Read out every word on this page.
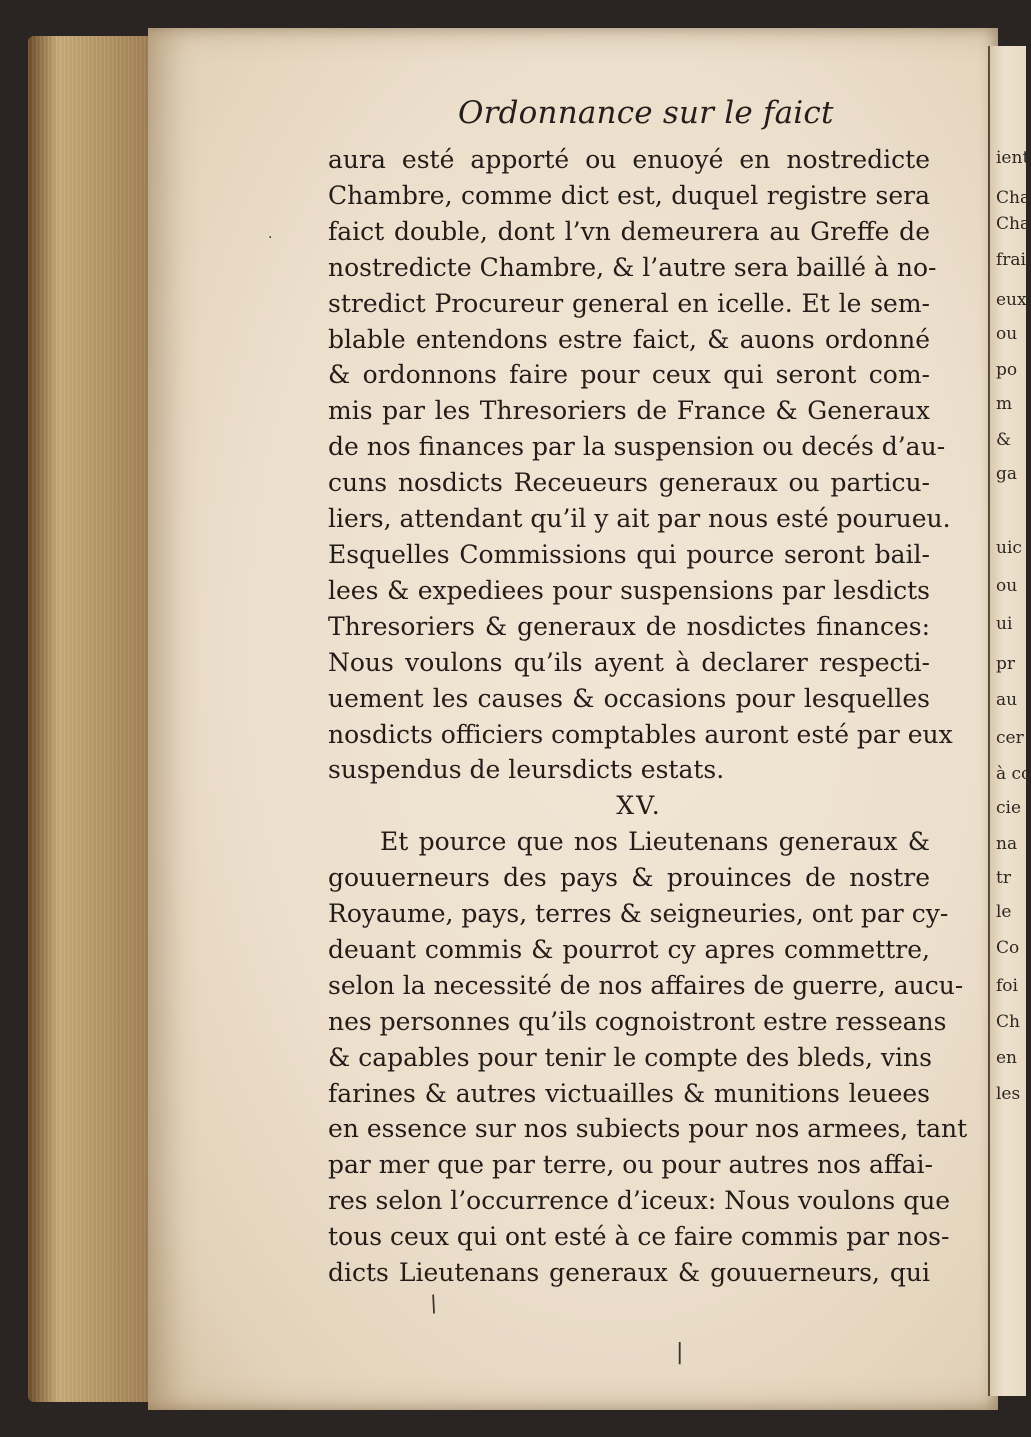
ient
Cha
Cha
frai
eux
ou
po
m
&
ga
uic
ou
ui
pr
au
cer
à co
cie
na
tr
le
Co
foi
Ch
en
les
Ordonnance sur le faict
aura esté apporté ou enuoyé en nostredicte
Chambre, comme dict est, duquel registre sera
faict double, dont l’vn demeurera au Greffe de
nostredicte Chambre, & l’autre sera baillé à no-
stredict Procureur general en icelle. Et le sem-
blable entendons estre faict, & auons ordonné
& ordonnons faire pour ceux qui seront com-
mis par les Thresoriers de France & Generaux
de nos finances par la suspension ou decés d’au-
cuns nosdicts Receueurs generaux ou particu-
liers, attendant qu’il y ait par nous esté pourueu.
Esquelles Commissions qui pource seront bail-
lees & expediees pour suspensions par lesdicts
Thresoriers & generaux de nosdictes finances:
Nous voulons qu’ils ayent à declarer respecti-
uement les causes & occasions pour lesquelles
nosdicts officiers comptables auront esté par eux
suspendus de leursdicts estats.
XV.
Et pource que nos Lieutenans generaux &
gouuerneurs des pays & prouinces de nostre
Royaume, pays, terres & seigneuries, ont par cy-
deuant commis & pourrot cy apres commettre,
selon la necessité de nos affaires de guerre, aucu-
nes personnes qu’ils cognoistront estre resseans
& capables pour tenir le compte des bleds, vins
farines & autres victuailles & munitions leuees
en essence sur nos subiects pour nos armees, tant
par mer que par terre, ou pour autres nos affai-
res selon l’occurrence d’iceux: Nous voulons que
tous ceux qui ont esté à ce faire commis par nos-
dicts Lieutenans generaux & gouuerneurs, qui
·
/
|
